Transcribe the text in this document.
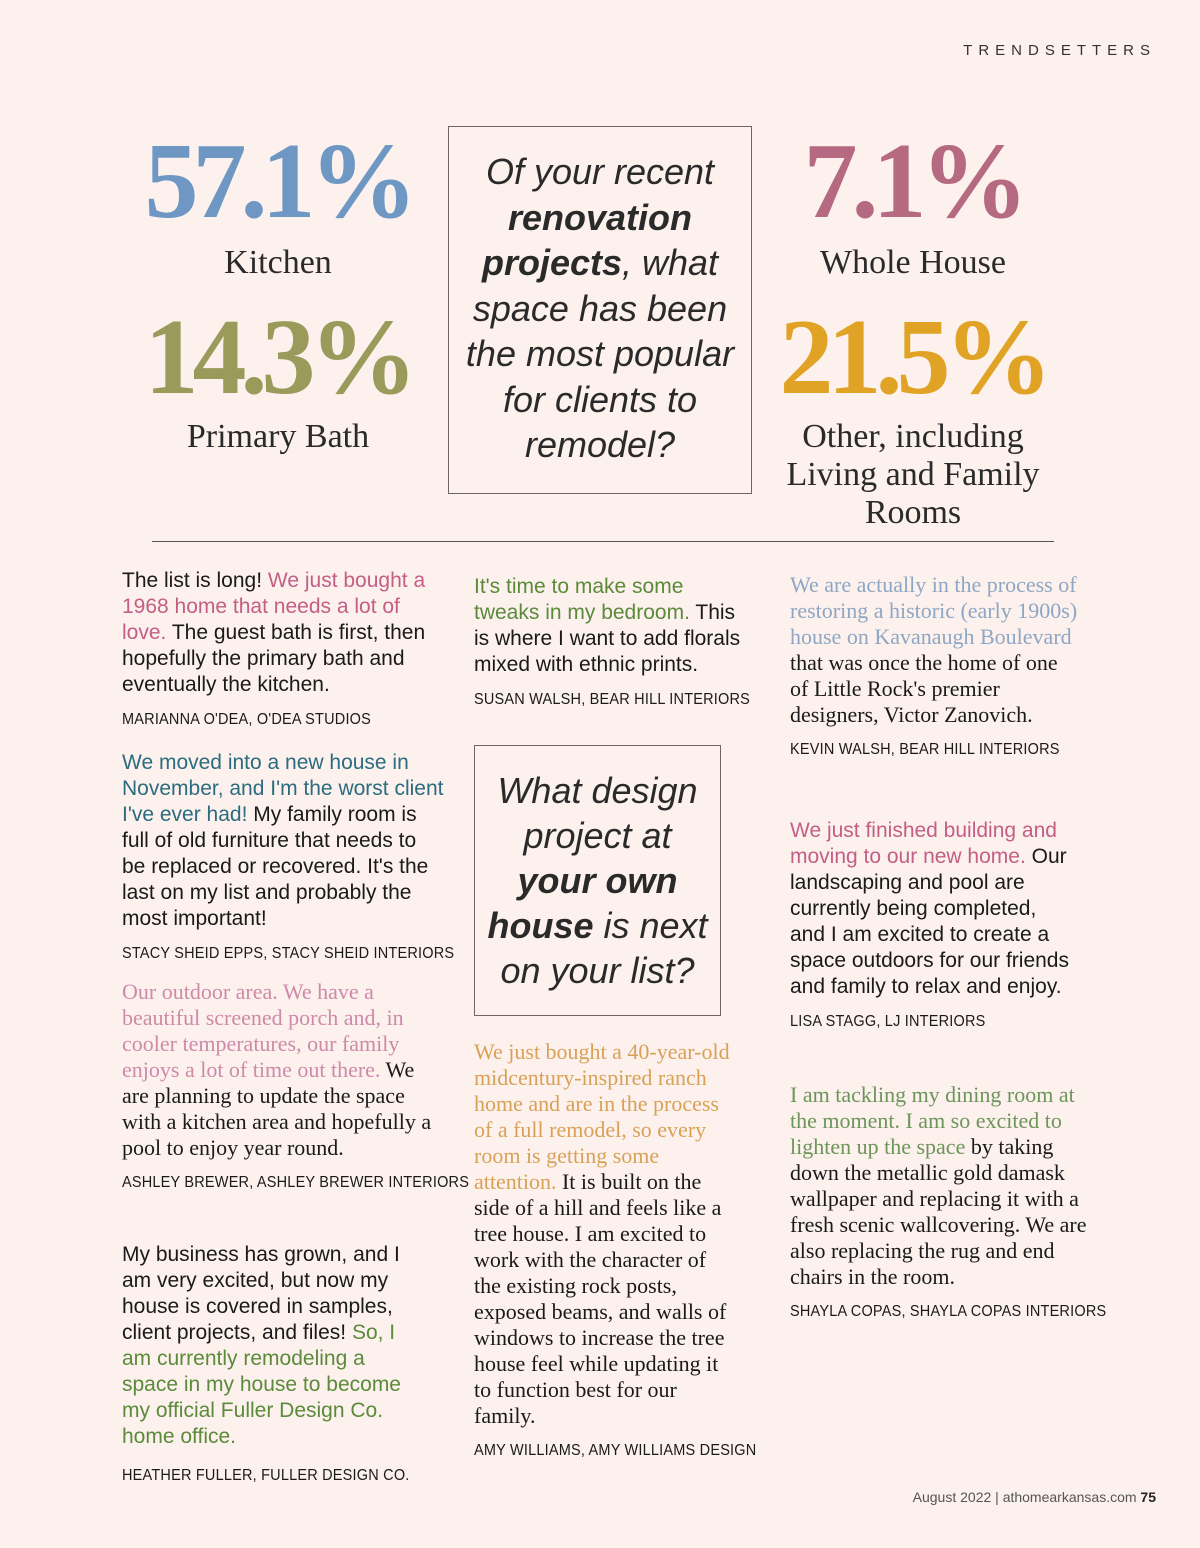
TRENDSETTERS
57.1%
Kitchen
14.3%
Primary Bath
7.1%
Whole House
21.5%
Other, including Living and Family Rooms
Of your recent renovation projects, what space has been the most popular for clients to remodel?
What design project at your own house is next on your list?
The list is long! We just bought a 1968 home that needs a lot of love. The guest bath is first, then hopefully the primary bath and eventually the kitchen.
MARIANNA O'DEA, O'DEA STUDIOS
We moved into a new house in November, and I'm the worst client I've ever had! My family room is full of old furniture that needs to be replaced or recovered. It's the last on my list and probably the most important!
STACY SHEID EPPS, STACY SHEID INTERIORS
Our outdoor area. We have a beautiful screened porch and, in cooler temperatures, our family enjoys a lot of time out there. We are planning to update the space with a kitchen area and hopefully a pool to enjoy year round.
ASHLEY BREWER, ASHLEY BREWER INTERIORS
My business has grown, and I am very excited, but now my house is covered in samples, client projects, and files! So, I am currently remodeling a space in my house to become my official Fuller Design Co. home office.
HEATHER FULLER, FULLER DESIGN CO.
It's time to make some tweaks in my bedroom. This is where I want to add florals mixed with ethnic prints.
SUSAN WALSH, BEAR HILL INTERIORS
We just bought a 40-year-old midcentury-inspired ranch home and are in the process of a full remodel, so every room is getting some attention. It is built on the side of a hill and feels like a tree house. I am excited to work with the character of the existing rock posts, exposed beams, and walls of windows to increase the tree house feel while updating it to function best for our family.
AMY WILLIAMS, AMY WILLIAMS DESIGN
We are actually in the process of restoring a historic (early 1900s) house on Kavanaugh Boulevard that was once the home of one of Little Rock's premier designers, Victor Zanovich.
KEVIN WALSH, BEAR HILL INTERIORS
We just finished building and moving to our new home. Our landscaping and pool are currently being completed, and I am excited to create a space outdoors for our friends and family to relax and enjoy.
LISA STAGG, LJ INTERIORS
I am tackling my dining room at the moment. I am so excited to lighten up the space by taking down the metallic gold damask wallpaper and replacing it with a fresh scenic wallcovering. We are also replacing the rug and end chairs in the room.
SHAYLA COPAS, SHAYLA COPAS INTERIORS
August 2022 | athomearkansas.com 75
